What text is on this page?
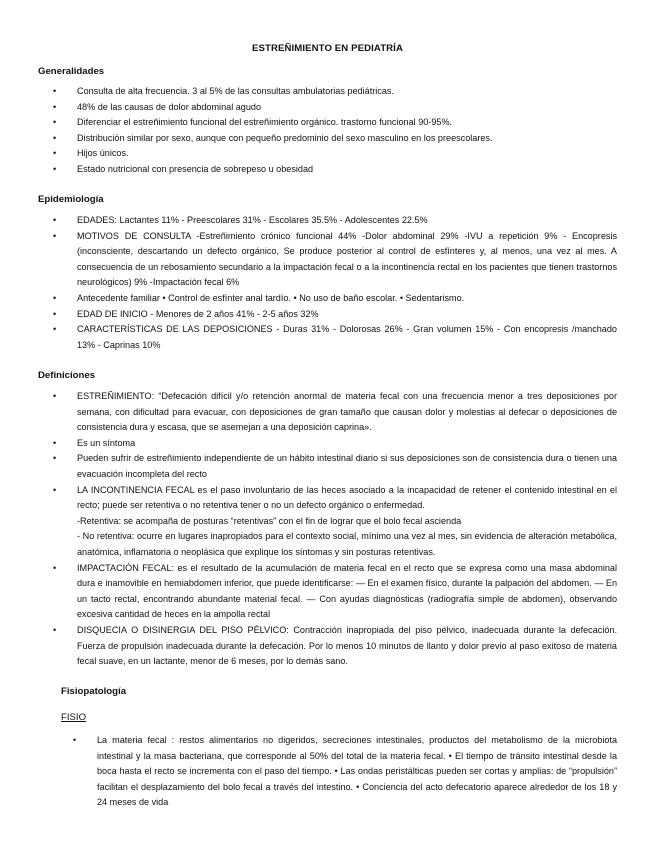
ESTREÑIMIENTO EN PEDIATRÍA
Generalidades
• Consulta de alta frecuencia. 3 al 5% de las consultas ambulatorias pediátricas.
• 48% de las causas de dolor abdominal agudo
• Diferenciar el estreñimiento funcional del estreñimiento orgánico. trastorno funcional 90-95%.
• Distribución similar por sexo, aunque con pequeño predominio del sexo masculino en los preescolares.
• Hijos únicos.
• Estado nutricional con presencia de sobrepeso u obesidad
Epidemiología
• EDADES: Lactantes 11% - Preescolares 31% - Escolares 35.5% - Adolescentes 22.5%
• MOTIVOS DE CONSULTA -Estreñimiento crónico funcional 44% -Dolor abdominal 29% -IVU a repetición 9% - Encopresis (inconsciente, descartando un defecto orgánico, Se produce posterior al control de esfínteres y, al menos, una vez al mes. A consecuencia de un rebosamiento secundario a la impactación fecal o a la incontinencia rectal en los pacientes que tienen trastornos neurológicos) 9% -Impactación fecal 6%
• Antecedente familiar • Control de esfínter anal tardío. • No uso de baño escolar. • Sedentarismo.
• EDAD DE INICIO - Menores de 2 años 41% - 2-5 años 32%
• CARACTERÍSTICAS DE LAS DEPOSICIONES - Duras 31% - Dolorosas 26% - Gran volumen 15% - Con encopresis /manchado 13% - Caprinas 10%
Definiciones
• ESTREÑIMIENTO: “Defecación difícil y/o retención anormal de materia fecal con una frecuencia menor a tres deposiciones por semana, con dificultad para evacuar, con deposiciones de gran tamaño que causan dolor y molestias al defecar o deposiciones de consistencia dura y escasa, que se asemejan a una deposición caprina».
• Es un síntoma
• Pueden sufrir de estreñimiento independiente de un hábito intestinal diario si sus deposiciones son de consistencia dura o tienen una evacuación incompleta del recto
• LA INCONTINENCIA FECAL es el paso involuntario de las heces asociado a la incapacidad de retener el contenido intestinal en el recto; puede ser retentiva o no retentiva tener o no un defecto orgánico o enfermedad.

-Retentiva: se acompaña de posturas “retentivas” con el fin de lograr que el bolo fecal ascienda

- No retentiva: ocurre en lugares inapropiados para el contexto social, mínimo una vez al mes, sin evidencia de alteración metabólica, anatómica, inflamatoria o neoplásica que explique los síntomas y sin posturas retentivas.

• IMPACTACIÓN FECAL: es el resultado de la acumulación de materia fecal en el recto que se expresa como una masa abdominal dura e inamovible en hemiabdomen inferior, que puede identificarse: — En el examen físico, durante la palpación del abdomen. — En un tacto rectal, encontrando abundante material fecal. — Con ayudas diagnósticas (radiografía simple de abdomen), observando excesiva cantidad de heces en la ampolla rectal
• DISQUECIA O DISINERGIA DEL PISO PÉLVICO: Contracción inapropiada del piso pélvico, inadecuada durante la defecación. Fuerza de propulsión inadecuada durante la defecación. Por lo menos 10 minutos de llanto y dolor previo al paso exitoso de materia fecal suave, en un lactante, menor de 6 meses, por lo demás sano.
Fisiopatología
FISIO
• La materia fecal : restos alimentarios no digeridos, secreciones intestinales, productos del metabolismo de la microbiota intestinal y la masa bacteriana, que corresponde al 50% del total de la materia fecal. • El tiempo de tránsito intestinal desde la boca hasta el recto se incrementa con el paso del tiempo. • Las ondas peristálticas pueden ser cortas y amplias: de “propulsión” facilitan el desplazamiento del bolo fecal a través del intestino. • Conciencia del acto defecatorio aparece alrededor de los 18 y 24 meses de vida
